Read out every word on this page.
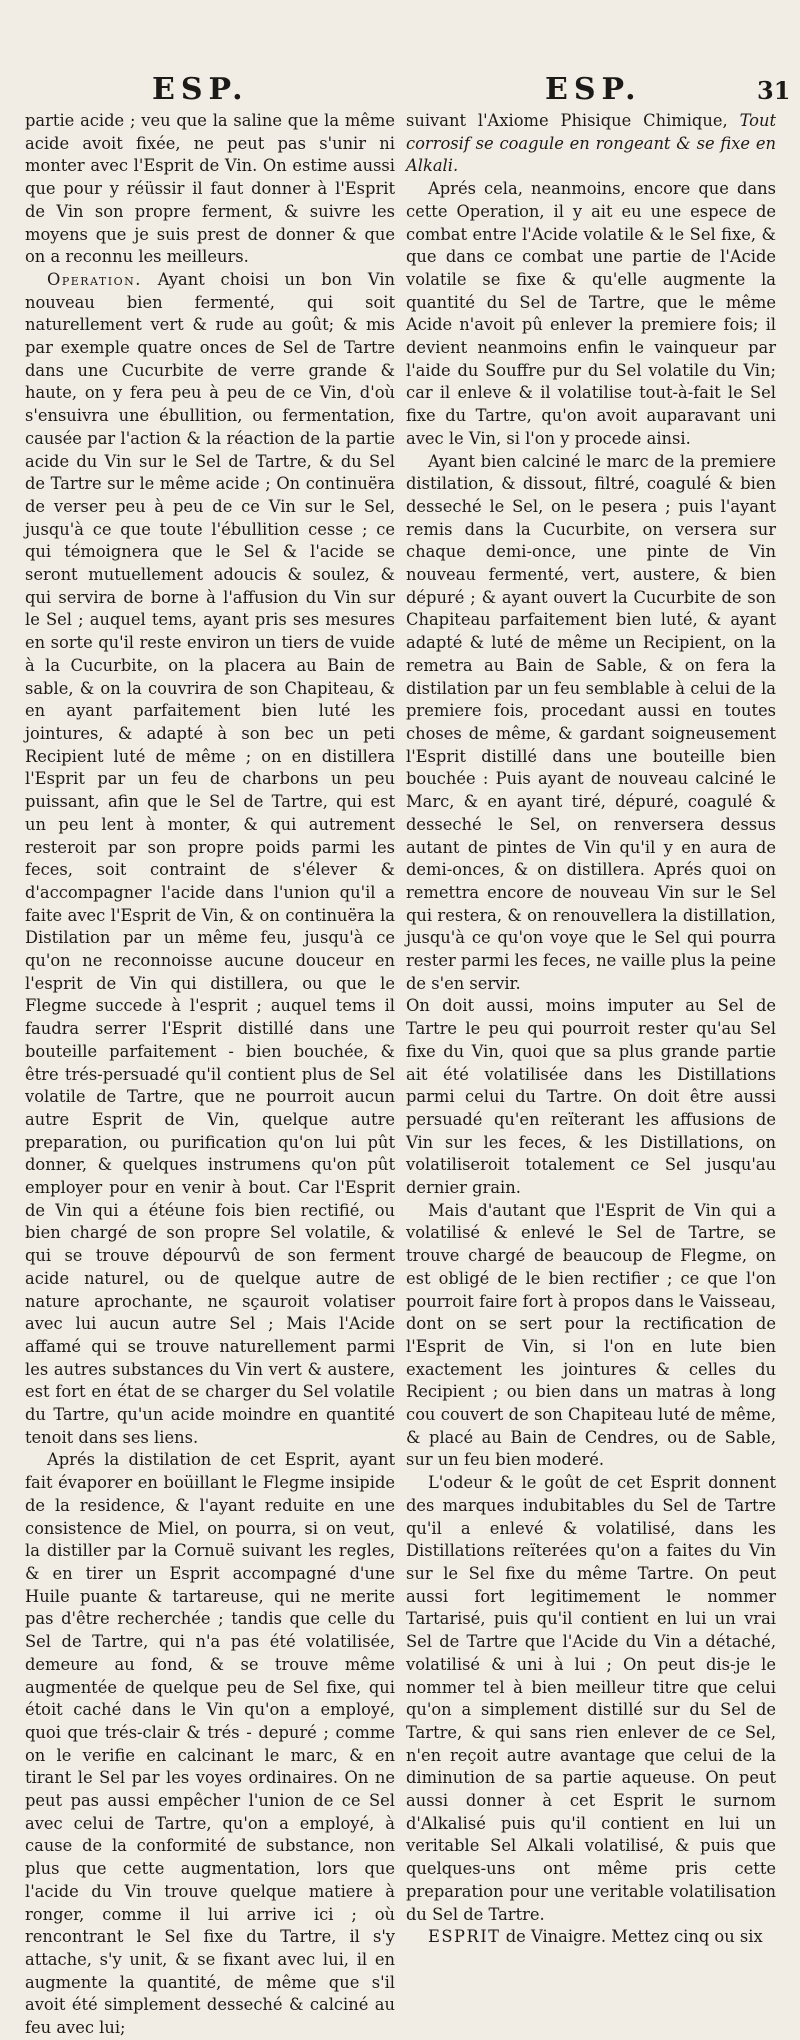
ESP.	ESP.	31

partie acide ; veu que la saline que la même acide avoit fixée, ne peut pas s'unir ni monter avec l'Esprit de Vin. On estime aussi que pour y réüssir il faut donner à l'Esprit de Vin son propre ferment, & suivre les moyens que je suis prest de donner & que on a reconnu les meilleurs.

Operation. Ayant choisi un bon Vin nouveau bien fermenté, qui soit naturellement vert & rude au goût; & mis par exemple quatre onces de Sel de Tartre dans une Cucurbite de verre grande & haute, on y fera peu à peu de ce Vin, d'où s'ensuivra une ébullition, ou fermentation, causée par l'action & la réaction de la partie acide du Vin sur le Sel de Tartre, & du Sel de Tartre sur le même acide ; On continuëra de verser peu à peu de ce Vin sur le Sel, jusqu'à ce que toute l'ébullition cesse ; ce qui témoignera que le Sel & l'acide se seront mutuellement adoucis & soulez, & qui servira de borne à l'affusion du Vin sur le Sel ; auquel tems, ayant pris ses mesures en sorte qu'il reste environ un tiers de vuide à la Cucurbite, on la placera au Bain de sable, & on la couvrira de son Chapiteau, & en ayant parfaitement bien luté les jointures, & adapté à son bec un peti Recipient luté de même ; on en distillera l'Esprit par un feu de charbons un peu puissant, afin que le Sel de Tartre, qui est un peu lent à monter, & qui autrement resteroit par son propre poids parmi les feces, soit contraint de s'élever & d'accompagner l'acide dans l'union qu'il a faite avec l'Esprit de Vin, & on continuëra la Distilation par un même feu, jusqu'à ce qu'on ne reconnoisse aucune douceur en l'esprit de Vin qui distillera, ou que le Flegme succede à l'esprit ; auquel tems il faudra serrer l'Esprit distillé dans une bouteille parfaitement - bien bouchée, & être trés-persuadé qu'il contient plus de Sel volatile de Tartre, que ne pourroit aucun autre Esprit de Vin, quelque autre preparation, ou purification qu'on lui pût donner, & quelques instrumens qu'on pût employer pour en venir à bout. Car l'Esprit de Vin qui a étéune fois bien rectifié, ou bien chargé de son propre Sel volatile, & qui se trouve dépourvû de son ferment acide naturel, ou de quelque autre de nature aprochante, ne sçauroit volatiser avec lui aucun autre Sel ; Mais l'Acide affamé qui se trouve naturellement parmi les autres substances du Vin vert & austere, est fort en état de se charger du Sel volatile du Tartre, qu'un acide moindre en quantité tenoit dans ses liens.

Aprés la distilation de cet Esprit, ayant fait évaporer en boüillant le Flegme insipide de la residence, & l'ayant reduite en une consistence de Miel, on pourra, si on veut, la distiller par la Cornuë suivant les regles, & en tirer un Esprit accompagné d'une Huile puante & tartareuse, qui ne merite pas d'être recherchée ; tandis que celle du Sel de Tartre, qui n'a pas été volatilisée, demeure au fond, & se trouve même augmentée de quelque peu de Sel fixe, qui étoit caché dans le Vin qu'on a employé, quoi que trés-clair & trés - depuré ; comme on le verifie en calcinant le marc, & en tirant le Sel par les voyes ordinaires. On ne peut pas aussi empêcher l'union de ce Sel avec celui de Tartre, qu'on a employé, à cause de la conformité de substance, non plus que cette augmentation, lors que l'acide du Vin trouve quelque matiere à ronger, comme il lui arrive ici ; où rencontrant le Sel fixe du Tartre, il s'y attache, s'y unit, & se fixant avec lui, il en augmente la quantité, de même que s'il avoit été simplement desseché & calciné au feu avec lui;

suivant l'Axiome Phisique Chimique, Tout corrosif se coagule en rongeant & se fixe en Alkali.

Aprés cela, neanmoins, encore que dans cette Operation, il y ait eu une espece de combat entre l'Acide volatile & le Sel fixe, & que dans ce combat une partie de l'Acide volatile se fixe & qu'elle augmente la quantité du Sel de Tartre, que le même Acide n'avoit pû enlever la premiere fois; il devient neanmoins enfin le vainqueur par l'aide du Souffre pur du Sel volatile du Vin; car il enleve & il volatilise tout-à-fait le Sel fixe du Tartre, qu'on avoit auparavant uni avec le Vin, si l'on y procede ainsi.

Ayant bien calciné le marc de la premiere distilation, & dissout, filtré, coagulé & bien desseché le Sel, on le pesera ; puis l'ayant remis dans la Cucurbite, on versera sur chaque demi-once, une pinte de Vin nouveau fermenté, vert, austere, & bien dépuré ; & ayant ouvert la Cucurbite de son Chapiteau parfaitement bien luté, & ayant adapté & luté de même un Recipient, on la remetra au Bain de Sable, & on fera la distilation par un feu semblable à celui de la premiere fois, procedant aussi en toutes choses de même, & gardant soigneusement l'Esprit distillé dans une bouteille bien bouchée : Puis ayant de nouveau calciné le Marc, & en ayant tiré, dépuré, coagulé & desseché le Sel, on renversera dessus autant de pintes de Vin qu'il y en aura de demi-onces, & on distillera. Aprés quoi on remettra encore de nouveau Vin sur le Sel qui restera, & on renouvellera la distillation, jusqu'à ce qu'on voye que le Sel qui pourra rester parmi les feces, ne vaille plus la peine de s'en servir.

On doit aussi, moins imputer au Sel de Tartre le peu qui pourroit rester qu'au Sel fixe du Vin, quoi que sa plus grande partie ait été volatilisée dans les Distillations parmi celui du Tartre. On doit être aussi persuadé qu'en reïterant les affusions de Vin sur les feces, & les Distillations, on volatiliseroit totalement ce Sel jusqu'au dernier grain.

Mais d'autant que l'Esprit de Vin qui a volatilisé & enlevé le Sel de Tartre, se trouve chargé de beaucoup de Flegme, on est obligé de le bien rectifier ; ce que l'on pourroit faire fort à propos dans le Vaisseau, dont on se sert pour la rectification de l'Esprit de Vin, si l'on en lute bien exactement les jointures & celles du Recipient ; ou bien dans un matras à long cou couvert de son Chapiteau luté de même, & placé au Bain de Cendres, ou de Sable, sur un feu bien moderé.

L'odeur & le goût de cet Esprit donnent des marques indubitables du Sel de Tartre qu'il a enlevé & volatilisé, dans les Distillations reïterées qu'on a faites du Vin sur le Sel fixe du même Tartre. On peut aussi fort legitimement le nommer Tartarisé, puis qu'il contient en lui un vrai Sel de Tartre que l'Acide du Vin a détaché, volatilisé & uni à lui ; On peut dis-je le nommer tel à bien meilleur titre que celui qu'on a simplement distillé sur du Sel de Tartre, & qui sans rien enlever de ce Sel, n'en reçoit autre avantage que celui de la diminution de sa partie aqueuse. On peut aussi donner à cet Esprit le surnom d'Alkalisé puis qu'il contient en lui un veritable Sel Alkali volatilisé, & puis que quelques-uns ont même pris cette preparation pour une veritable volatilisation du Sel de Tartre.

ESPRIT de Vinaigre. Mettez cinq ou six
